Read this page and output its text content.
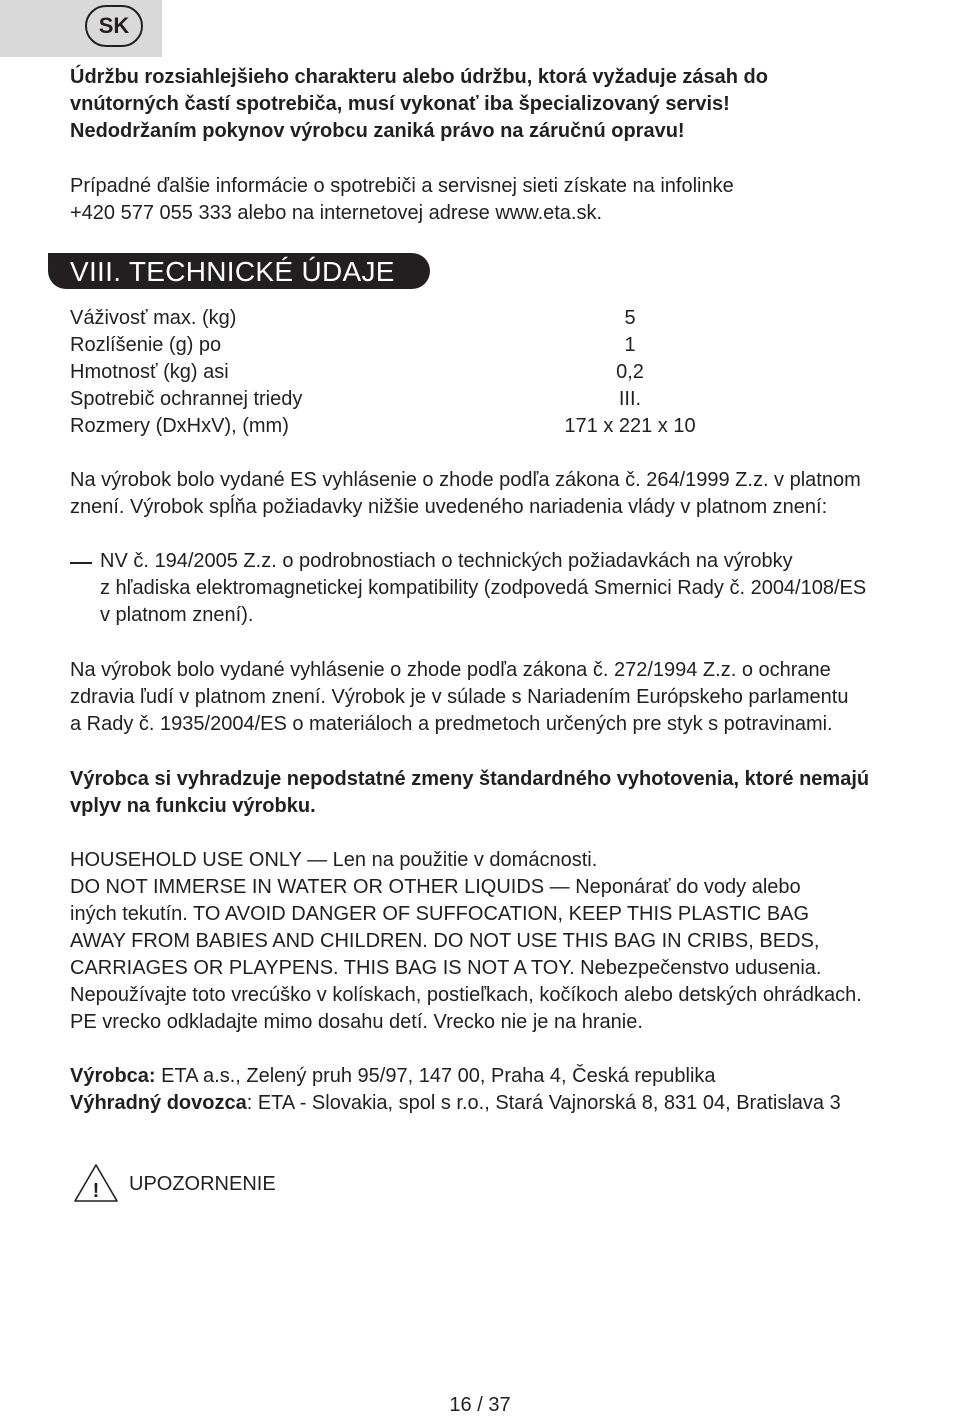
SK

Údržbu rozsiahlejšieho charakteru alebo údržbu, ktorá vyžaduje zásah do

vnútorných častí spotrebiča, musí vykonať iba špecializovaný servis!

Nedodržaním pokynov výrobcu zaniká právo na záručnú opravu!

Prípadné ďalšie informácie o spotrebiči a servisnej sieti získate na infolinke

+420 577 055 333 alebo na internetovej adrese www.eta.sk.

VIII. TECHNICKÉ ÚDAJE
Váživosť max. (kg)	5
Rozlíšenie (g) po	1
Hmotnosť (kg) asi	0,2
Spotrebič ochrannej triedy	III.
Rozmery (DxHxV), (mm)	171 x 221 x 10

Na výrobok bolo vydané ES vyhlásenie o zhode podľa zákona č. 264/1999 Z.z. v platnom

znení. Výrobok spĺňa požiadavky nižšie uvedeného nariadenia vlády v platnom znení:

NV č. 194/2005 Z.z. o podrobnostiach o technických požiadavkách na výrobky
z hľadiska elektromagnetickej kompatibility (zodpovedá Smernici Rady č. 2004/108/ES
v platnom znení).

Na výrobok bolo vydané vyhlásenie o zhode podľa zákona č. 272/1994 Z.z. o ochrane

zdravia ľudí v platnom znení. Výrobok je v súlade s Nariadením Európskeho parlamentu

a Rady č. 1935/2004/ES o materiáloch a predmetoch určených pre styk s potravinami.

Výrobca si vyhradzuje nepodstatné zmeny štandardného vyhotovenia, ktoré nemajú

vplyv na funkciu výrobku.

HOUSEHOLD USE ONLY — Len na použitie v domácnosti.

DO NOT IMMERSE IN WATER OR OTHER LIQUIDS — Neponárať do vody alebo

iných tekutín. TO AVOID DANGER OF SUFFOCATION, KEEP THIS PLASTIC BAG

AWAY FROM BABIES AND CHILDREN. DO NOT USE THIS BAG IN CRIBS, BEDS,

CARRIAGES OR PLAYPENS. THIS BAG IS NOT A TOY. Nebezpečenstvo udusenia.

Nepoužívajte toto vrecúško v kolískach, postieľkach, kočíkoch alebo detských ohrádkach.

PE vrecko odkladajte mimo dosahu detí. Vrecko nie je na hranie.

Výrobca: ETA a.s., Zelený pruh 95/97, 147 00, Praha 4, Česká republika

Výhradný dovozca: ETA - Slovakia, spol s r.o., Stará Vajnorská 8, 831 04, Bratislava 3

! UPOZORNENIE
16 / 37
